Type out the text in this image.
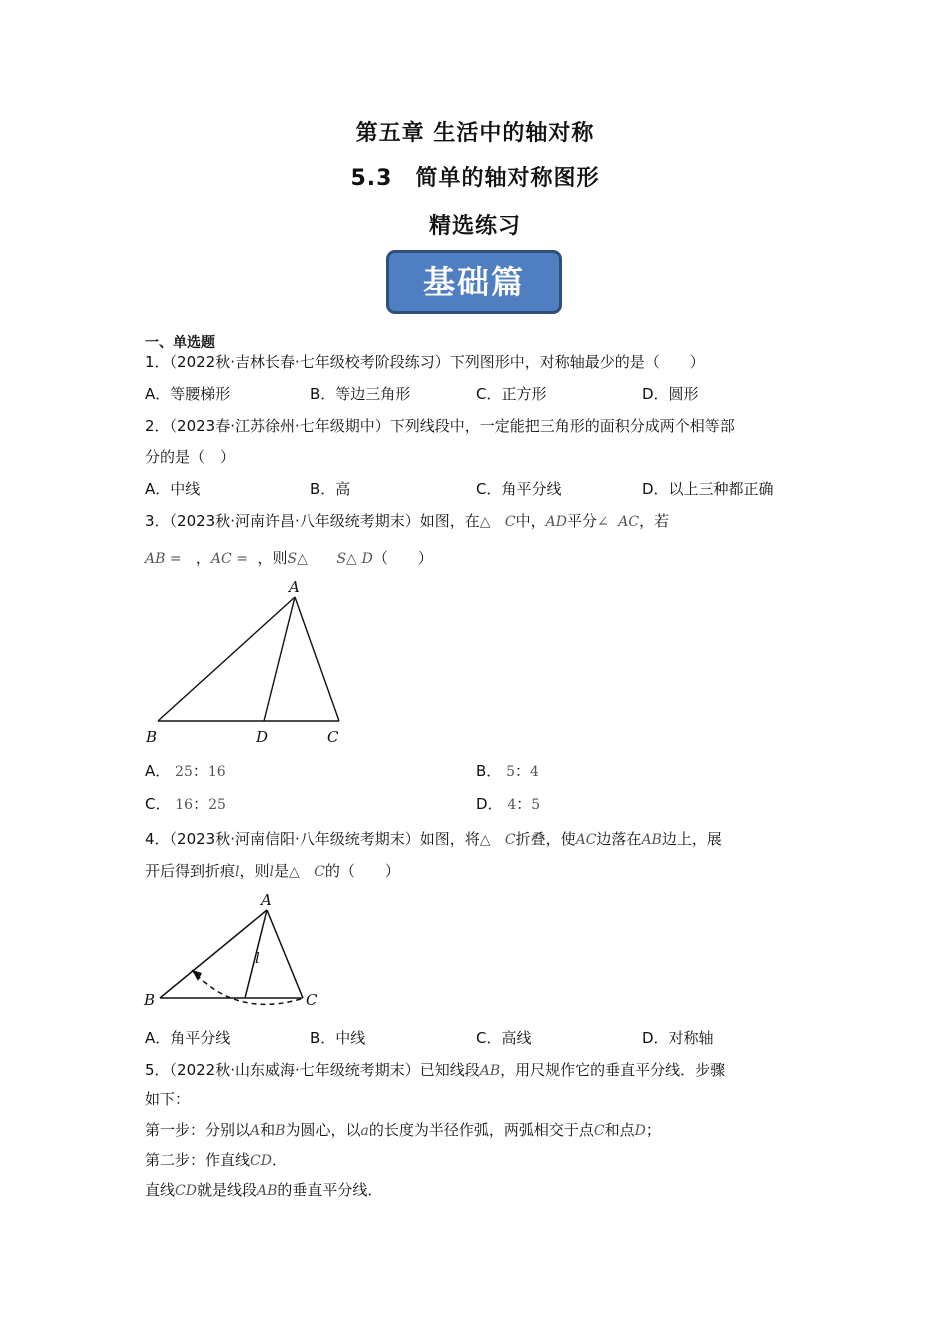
第五章 生活中的轴对称
5.3　简单的轴对称图形
精选练习
基础篇
一、单选题
1．（2022秋·吉林长春·七年级校考阶段练习）下列图形中，对称轴最少的是（　　）
A．等腰梯形	B．等边三角形	C．正方形	D．圆形
2．（2023春·江苏徐州·七年级期中）下列线段中，一定能把三角形的面积分成两个相等部
分的是（　）
A．中线	B．高	C．角平分线	D．以上三种都正确
3．（2023秋·河南许昌·八年级统考期末）如图，在△ C中，AD平分∠ AC，若
AB = ，AC = ，则S△ S△ D（　　）
A
B	D	C
A． 25：16	B． 5：4
C． 16：25	D． 4：5
4．（2023秋·河南信阳·八年级统考期末）如图，将△ C折叠，使AC边落在AB边上，展
开后得到折痕l，则l是△ C的（　　）
A
l
B	C
A．角平分线	B．中线	C．高线	D．对称轴
5．（2022秋·山东威海·七年级统考期末）已知线段AB，用尺规作它的垂直平分线．步骤
如下：
第一步：分别以A和B为圆心，以a的长度为半径作弧，两弧相交于点C和点D；
第二步：作直线CD．
直线CD就是线段AB的垂直平分线．
